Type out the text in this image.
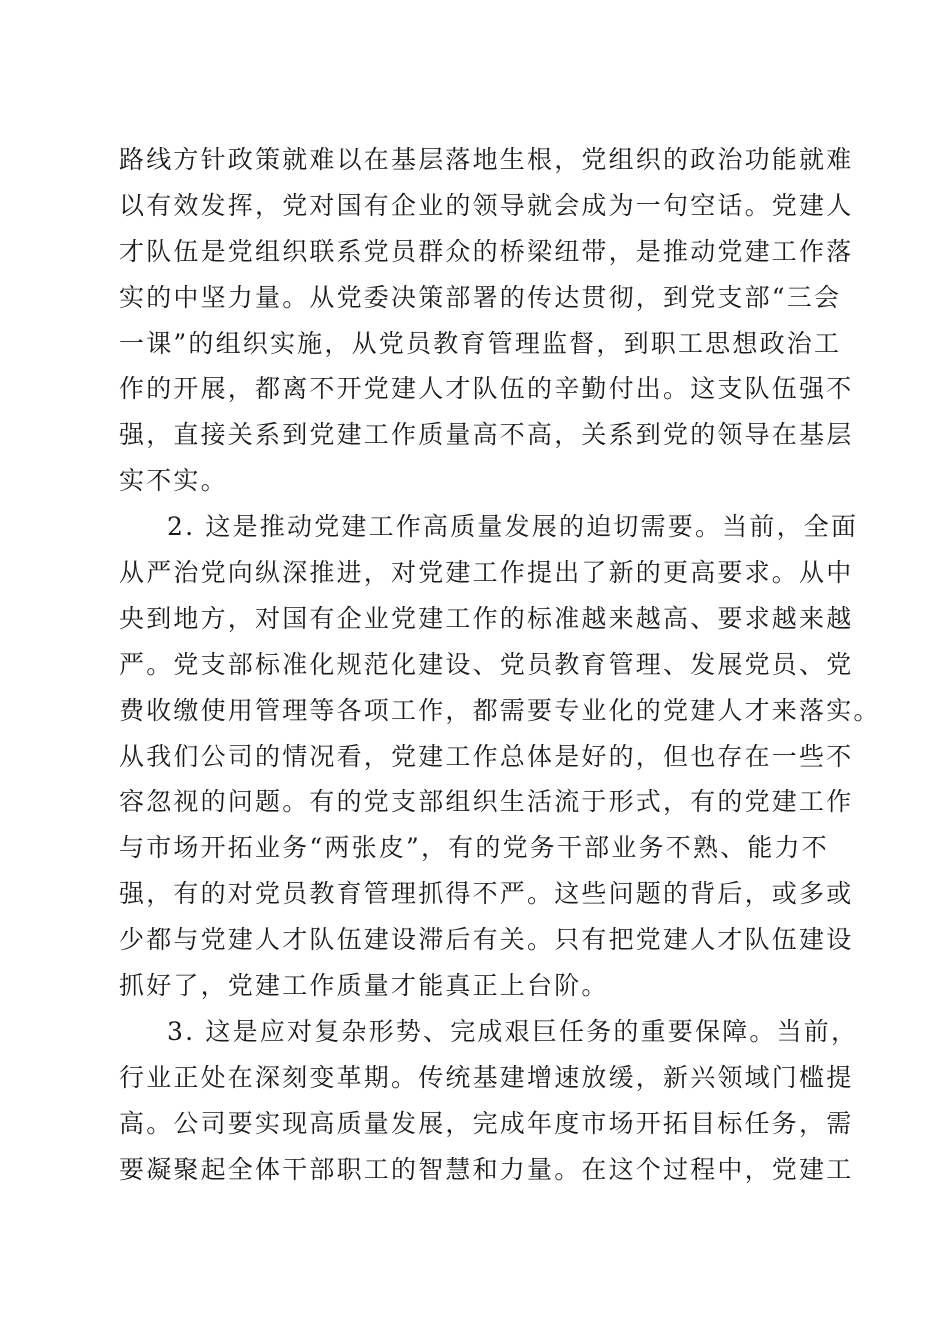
路线方针政策就难以在基层落地生根，党组织的政治功能就难
以有效发挥，党对国有企业的领导就会成为一句空话。党建人
才队伍是党组织联系党员群众的桥梁纽带，是推动党建工作落
实的中坚力量。从党委决策部署的传达贯彻，到党支部“三会
一课”的组织实施，从党员教育管理监督，到职工思想政治工
作的开展，都离不开党建人才队伍的辛勤付出。这支队伍强不
强，直接关系到党建工作质量高不高，关系到党的领导在基层
实不实。
2. 这是推动党建工作高质量发展的迫切需要。当前，全面
从严治党向纵深推进，对党建工作提出了新的更高要求。从中
央到地方，对国有企业党建工作的标准越来越高、要求越来越
严。党支部标准化规范化建设、党员教育管理、发展党员、党
费收缴使用管理等各项工作，都需要专业化的党建人才来落实。
从我们公司的情况看，党建工作总体是好的，但也存在一些不
容忽视的问题。有的党支部组织生活流于形式，有的党建工作
与市场开拓业务“两张皮”，有的党务干部业务不熟、能力不
强，有的对党员教育管理抓得不严。这些问题的背后，或多或
少都与党建人才队伍建设滞后有关。只有把党建人才队伍建设
抓好了，党建工作质量才能真正上台阶。
3. 这是应对复杂形势、完成艰巨任务的重要保障。当前，
行业正处在深刻变革期。传统基建增速放缓，新兴领域门槛提
高。公司要实现高质量发展，完成年度市场开拓目标任务，需
要凝聚起全体干部职工的智慧和力量。在这个过程中，党建工
